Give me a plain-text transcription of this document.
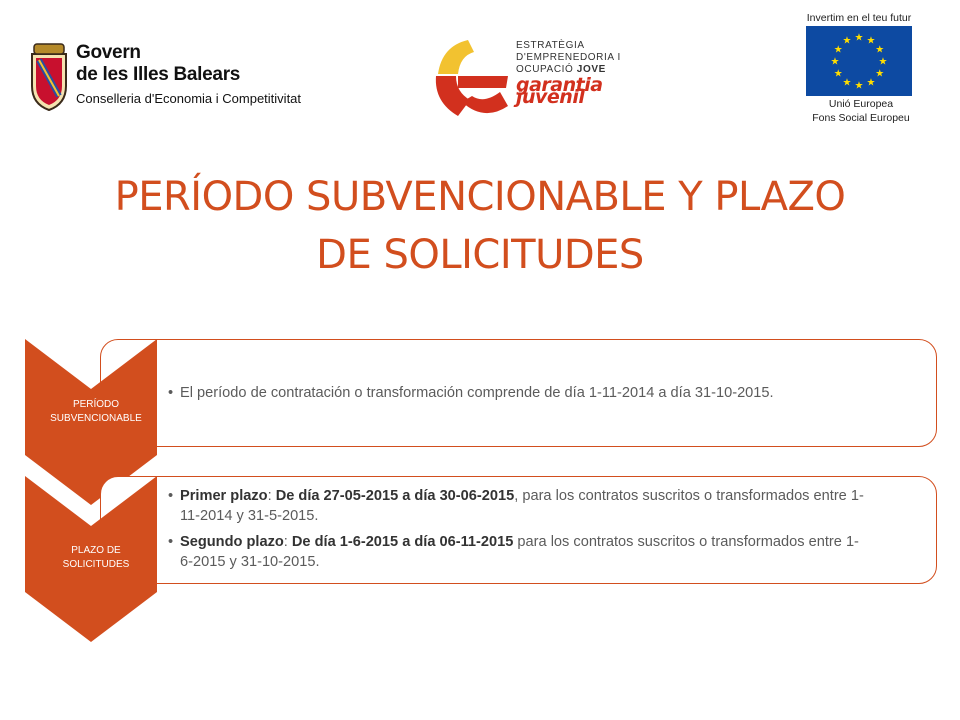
Govern
de les Illes Balears
Conselleria d'Economia i Competitivitat
ESTRATÈGIA
D'EMPRENEDORIA I
OCUPACIÓ JOVE
garantia juvenil
Invertim en el teu futur
★ ★
★
★
★
★
★
★
★
★
★
★
Unió Europea
Fons Social Europeu
PERÍODO SUBVENCIONABLE Y PLAZO
DE SOLICITUDES
PERÍODO
SUBVENCIONABLE
• El período de contratación o transformación comprende de día 1-11-2014 a día 31-10-2015.
PLAZO DE
SOLICITUDES
• Primer plazo: De día 27-05-2015 a día 30-06-2015, para los contratos suscritos o transformados entre 1-11-2014 y 31-5-2015.
• Segundo plazo: De día 1-6-2015 a día 06-11-2015 para los contratos suscritos o transformados entre 1-6-2015 y 31-10-2015.
